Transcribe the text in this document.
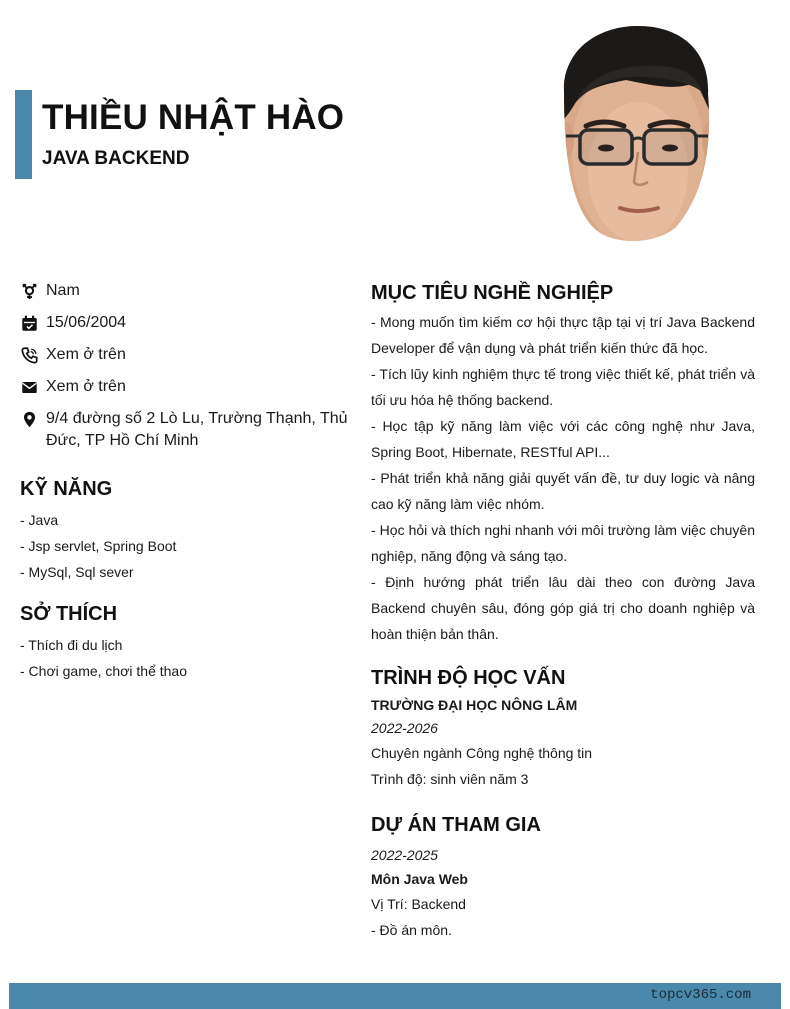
THIỀU NHẬT HÀO
JAVA BACKEND
Nam
15/06/2004
Xem ở trên
Xem ở trên
9/4 đường số 2 Lò Lu, Trường Thạnh, Thủ Đức, TP Hồ Chí Minh
KỸ NĂNG
- Java
- Jsp servlet, Spring Boot
- MySql, Sql sever
SỞ THÍCH
- Thích đi du lịch
- Chơi game, chơi thể thao
MỤC TIÊU NGHỀ NGHIỆP
- Mong muốn tìm kiếm cơ hội thực tập tại vị trí Java Backend Developer để vận dụng và phát triển kiến thức đã học.
- Tích lũy kinh nghiệm thực tế trong việc thiết kế, phát triển và tối ưu hóa hệ thống backend.
- Học tập kỹ năng làm việc với các công nghệ như Java, Spring Boot, Hibernate, RESTful API...
- Phát triển khả năng giải quyết vấn đề, tư duy logic và nâng cao kỹ năng làm việc nhóm.
- Học hỏi và thích nghi nhanh với môi trường làm việc chuyên nghiệp, năng động và sáng tạo.
- Định hướng phát triển lâu dài theo con đường Java Backend chuyên sâu, đóng góp giá trị cho doanh nghiệp và hoàn thiện bản thân.
TRÌNH ĐỘ HỌC VẤN
TRƯỜNG ĐẠI HỌC NÔNG LÂM
2022-2026
Chuyên ngành Công nghệ thông tin
Trình độ: sinh viên năm 3
DỰ ÁN THAM GIA
2022-2025
Môn Java Web
Vị Trí: Backend
- Đồ án môn.
topcv365.com
